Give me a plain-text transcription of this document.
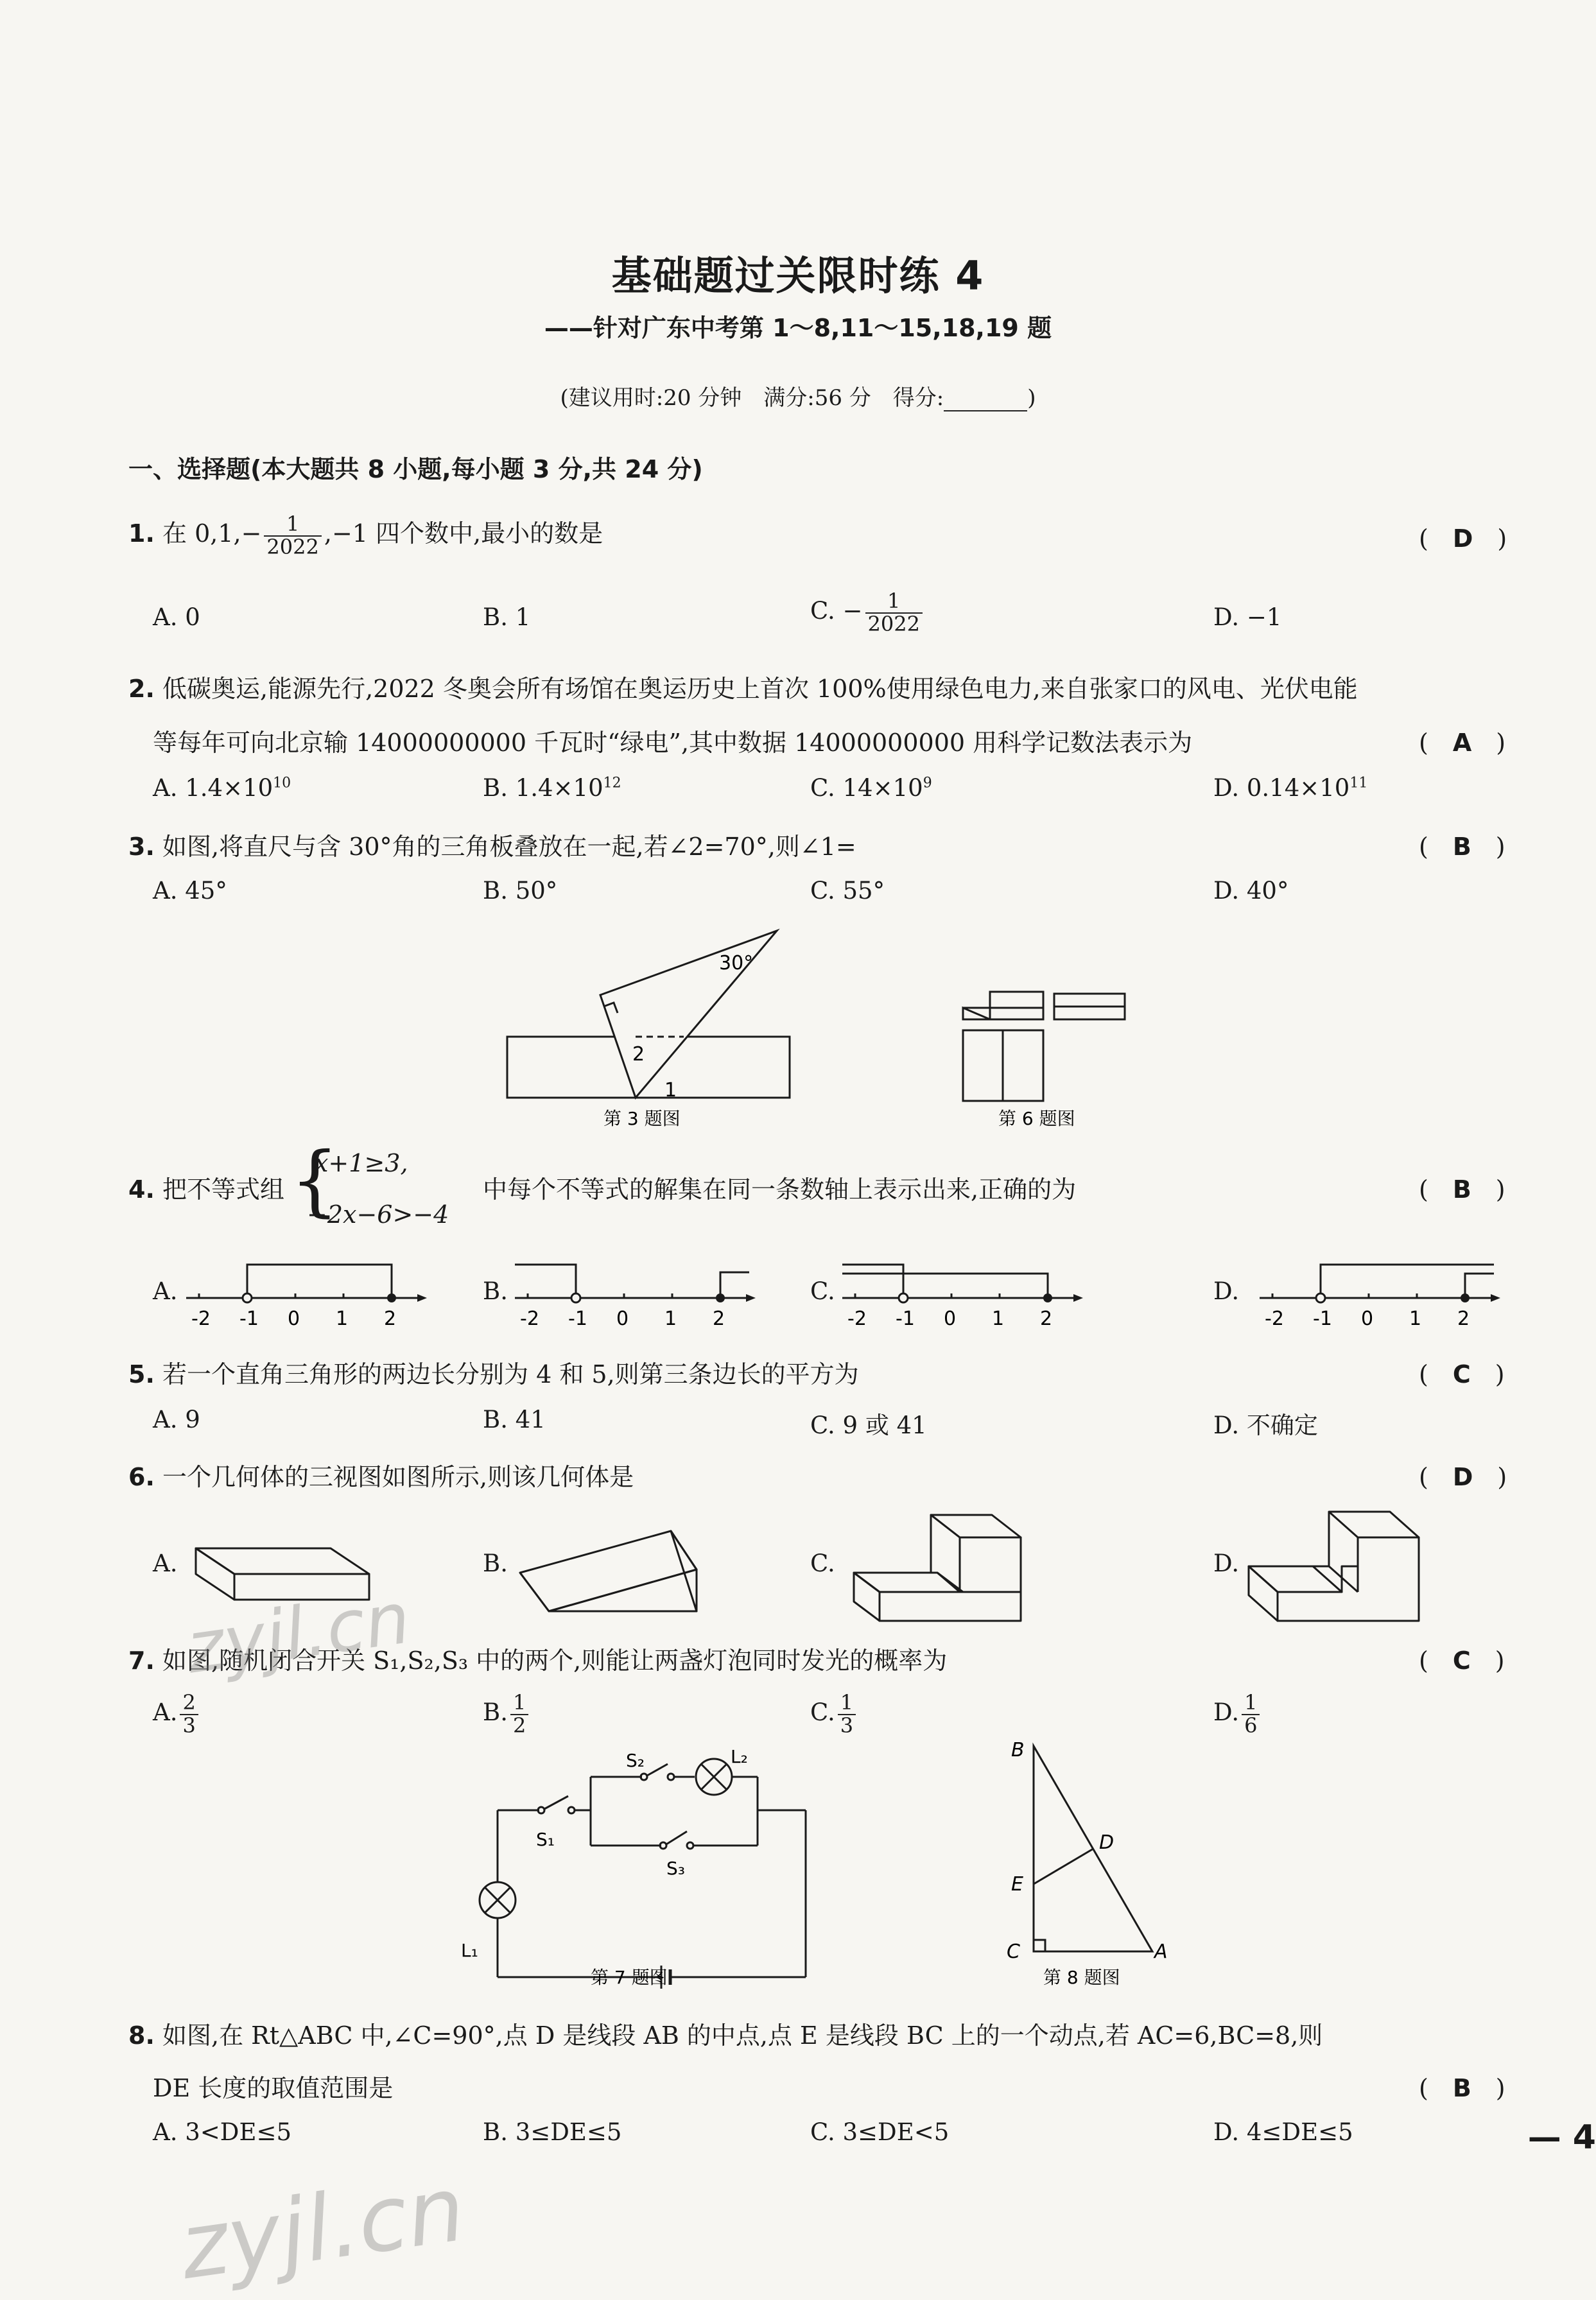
基础题过关限时练 4
——针对广东中考第 1～8,11～15,18,19 题
(建议用时:20 分钟　满分:56 分　得分:	)
一、选择题(本大题共 8 小题,每小题 3 分,共 24 分)
1. 在 $0,1,- \frac{1}{2022} ,-1$ 四个数中,最小的数是	(　D　)
A. 0	B. 1	C. − $\frac{1}{2022}$	D. −1
2. 低碳奥运,能源先行,2022 冬奥会所有场馆在奥运历史上首次 100%使用绿色电力,来自张家口的风电、光伏电能
等每年可向北京输 14000000000 千瓦时“绿电”,其中数据 14000000000 用科学记数法表示为	(　A　)
A. $1.4\times 10^{10}$	B. $1.4\times 10^{12}$	C. $14\times 10^9$	D. $0.14\times 10^{11}$
3. 如图,将直尺与含 30°角的三角板叠放在一起,若∠2=70°,则∠1=	(　B　)
A. 45°	B. 50°	C. 55°	D. 40°
30°
2
1
第 3 题图	第 6 题图
4. 把不等式组 {
x+1≥3,
−2x−6>−4
中每个不等式的解集在同一条数轴上表示出来,正确的为	(　B　)
A.	B.	C.	D.
-2 -1 0 1 2	-2 -1 0 1 2	-2 -1 0 1 2	-2 -1 0 1 2
5. 若一个直角三角形的两边长分别为 4 和 5,则第三条边长的平方为	(　C　)
A. 9	B. 41	C. 9 或 41	D. 不确定
6. 一个几何体的三视图如图所示,则该几何体是	(　D　)
A.	B.	C.	D.
7. 如图,随机闭合开关 S₁,S₂,S₃ 中的两个,则能让两盏灯泡同时发光的概率为	(　C　)
A. $\frac{2}{3}$	B. $\frac{1}{2}$	C. $\frac{1}{3}$	D. $\frac{1}{6}$
S₁
S₂
S₃
L₁
L₂
第 7 题图
B
D
E
C	A
第 8 题图
8. 如图,在 Rt△ABC 中,∠C=90°,点 D 是线段 AB 的中点,点 E 是线段 BC 上的一个动点,若 AC=6,BC=8,则
DE 长度的取值范围是	(　B　)
A. 3<DE≤5	B. 3≤DE≤5	C. 3≤DE<5	D. 4≤DE≤5	— 4
zyjl.cn
zyjl.cn
